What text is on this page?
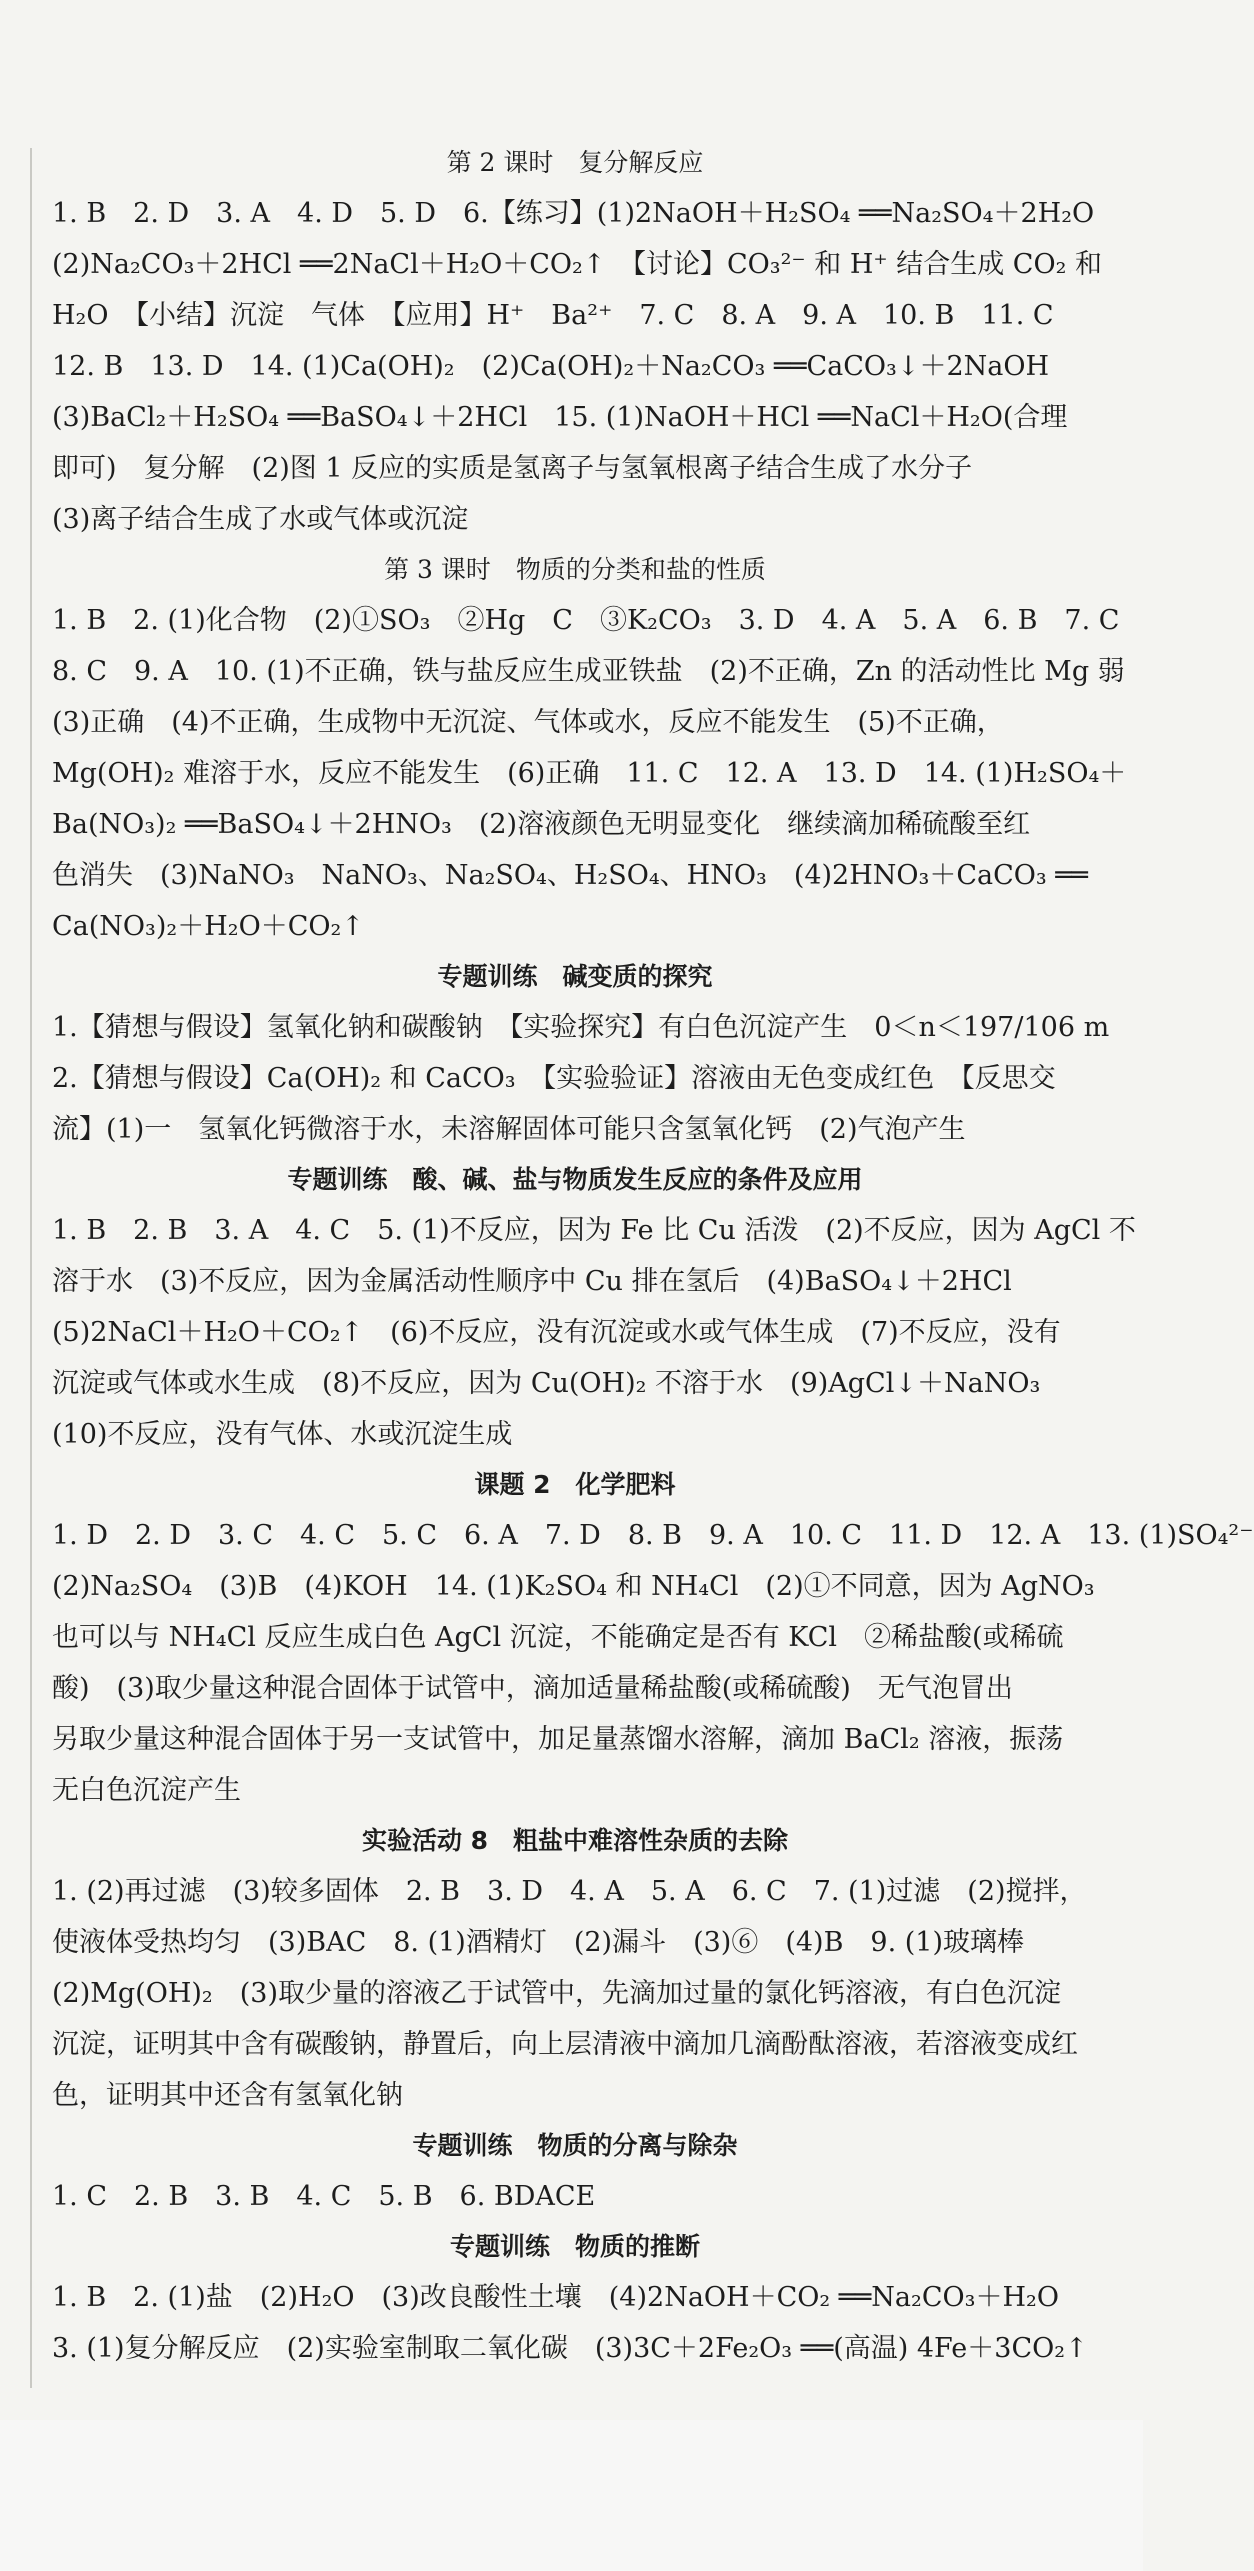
第 2 课时　复分解反应
1. B　2. D　3. A　4. D　5. D　6.【练习】(1)2NaOH＋H₂SO₄ ══Na₂SO₄＋2H₂O
(2)Na₂CO₃＋2HCl ══2NaCl＋H₂O＋CO₂↑　【讨论】CO₃²⁻ 和 H⁺ 结合生成 CO₂ 和
H₂O　【小结】沉淀　气体　【应用】H⁺　Ba²⁺　7. C　8. A　9. A　10. B　11. C
12. B　13. D　14. (1)Ca(OH)₂　(2)Ca(OH)₂＋Na₂CO₃ ══CaCO₃↓＋2NaOH
(3)BaCl₂＋H₂SO₄ ══BaSO₄↓＋2HCl　15. (1)NaOH＋HCl ══NaCl＋H₂O(合理
即可)　复分解　(2)图 1 反应的实质是氢离子与氢氧根离子结合生成了水分子
(3)离子结合生成了水或气体或沉淀
第 3 课时　物质的分类和盐的性质
1. B　2. (1)化合物　(2)①SO₃　②Hg　C　③K₂CO₃　3. D　4. A　5. A　6. B　7. C
8. C　9. A　10. (1)不正确，铁与盐反应生成亚铁盐　(2)不正确，Zn 的活动性比 Mg 弱
(3)正确　(4)不正确，生成物中无沉淀、气体或水，反应不能发生　(5)不正确，
Mg(OH)₂ 难溶于水，反应不能发生　(6)正确　11. C　12. A　13. D　14. (1)H₂SO₄＋
Ba(NO₃)₂ ══BaSO₄↓＋2HNO₃　(2)溶液颜色无明显变化　继续滴加稀硫酸至红
色消失　(3)NaNO₃　NaNO₃、Na₂SO₄、H₂SO₄、HNO₃　(4)2HNO₃＋CaCO₃ ══
Ca(NO₃)₂＋H₂O＋CO₂↑
专题训练　碱变质的探究
1.【猜想与假设】氢氧化钠和碳酸钠　【实验探究】有白色沉淀产生　0＜n＜197/106 m
2.【猜想与假设】Ca(OH)₂ 和 CaCO₃　【实验验证】溶液由无色变成红色　【反思交
流】(1)一　氢氧化钙微溶于水，未溶解固体可能只含氢氧化钙　(2)气泡产生
专题训练　酸、碱、盐与物质发生反应的条件及应用
1. B　2. B　3. A　4. C　5. (1)不反应，因为 Fe 比 Cu 活泼　(2)不反应，因为 AgCl 不
溶于水　(3)不反应，因为金属活动性顺序中 Cu 排在氢后　(4)BaSO₄↓＋2HCl
(5)2NaCl＋H₂O＋CO₂↑　(6)不反应，没有沉淀或水或气体生成　(7)不反应，没有
沉淀或气体或水生成　(8)不反应，因为 Cu(OH)₂ 不溶于水　(9)AgCl↓＋NaNO₃
(10)不反应，没有气体、水或沉淀生成
课题 2　化学肥料
1. D　2. D　3. C　4. C　5. C　6. A　7. D　8. B　9. A　10. C　11. D　12. A　13. (1)SO₄²⁻
(2)Na₂SO₄　(3)B　(4)KOH　14. (1)K₂SO₄ 和 NH₄Cl　(2)①不同意，因为 AgNO₃
也可以与 NH₄Cl 反应生成白色 AgCl 沉淀，不能确定是否有 KCl　②稀盐酸(或稀硫
酸)　(3)取少量这种混合固体于试管中，滴加适量稀盐酸(或稀硫酸)　无气泡冒出
另取少量这种混合固体于另一支试管中，加足量蒸馏水溶解，滴加 BaCl₂ 溶液，振荡
无白色沉淀产生
实验活动 8　粗盐中难溶性杂质的去除
1. (2)再过滤　(3)较多固体　2. B　3. D　4. A　5. A　6. C　7. (1)过滤　(2)搅拌，
使液体受热均匀　(3)BAC　8. (1)酒精灯　(2)漏斗　(3)⑥　(4)B　9. (1)玻璃棒
(2)Mg(OH)₂　(3)取少量的溶液乙于试管中，先滴加过量的氯化钙溶液，有白色沉淀
沉淀，证明其中含有碳酸钠，静置后，向上层清液中滴加几滴酚酞溶液，若溶液变成红
色，证明其中还含有氢氧化钠
专题训练　物质的分离与除杂
1. C　2. B　3. B　4. C　5. B　6. BDACE
专题训练　物质的推断
1. B　2. (1)盐　(2)H₂O　(3)改良酸性土壤　(4)2NaOH＋CO₂ ══Na₂CO₃＋H₂O
3. (1)复分解反应　(2)实验室制取二氧化碳　(3)3C＋2Fe₂O₃ ══(高温) 4Fe＋3CO₂↑
